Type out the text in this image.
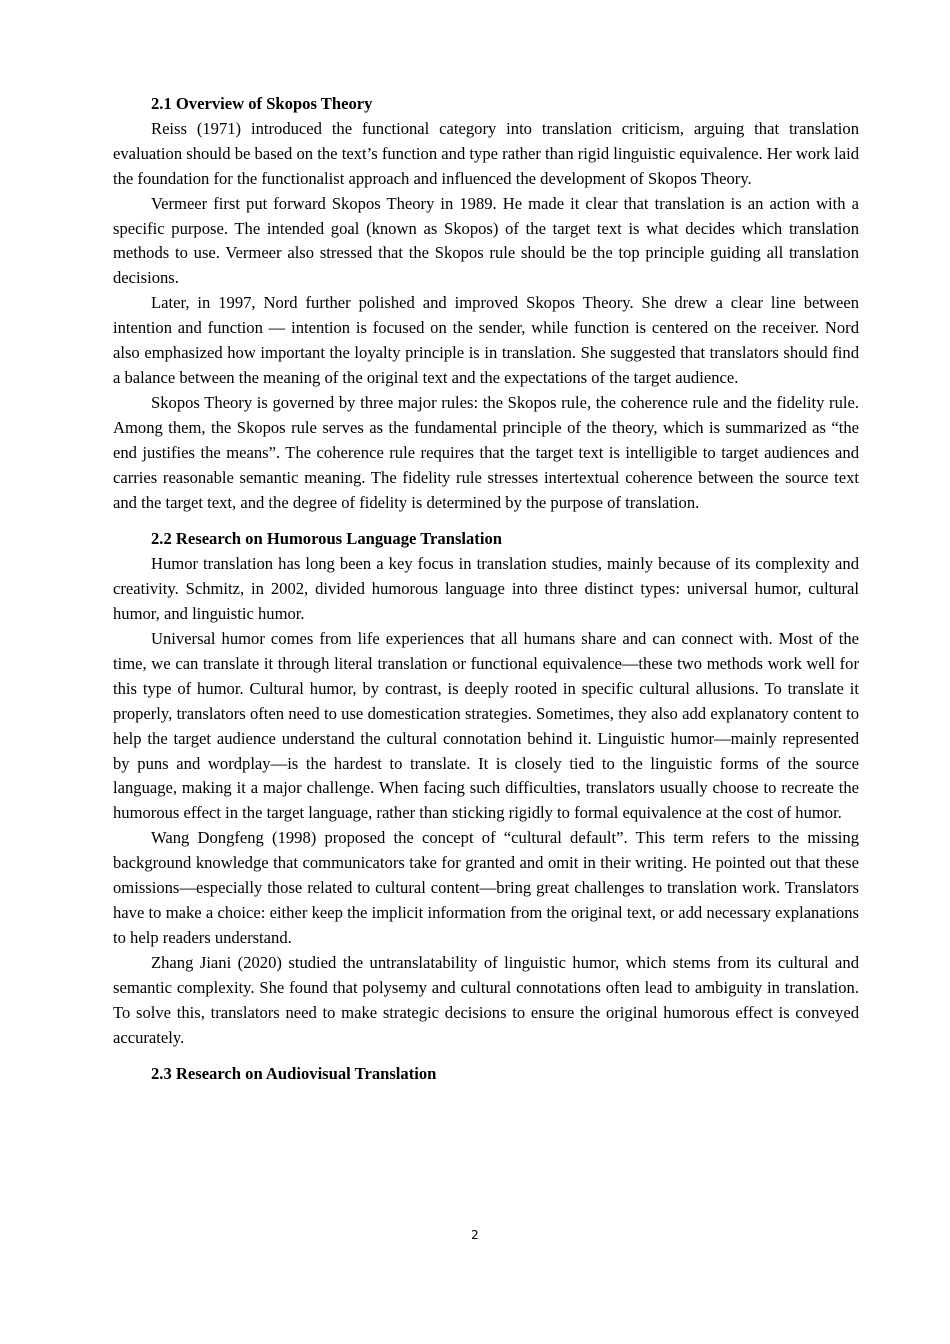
2.1 Overview of Skopos Theory

Reiss (1971) introduced the functional category into translation criticism, arguing that translation evaluation should be based on the text’s function and type rather than rigid linguistic equivalence. Her work laid the foundation for the functionalist approach and influenced the development of Skopos Theory.

Vermeer first put forward Skopos Theory in 1989. He made it clear that translation is an action with a specific purpose. The intended goal (known as Skopos) of the target text is what decides which translation methods to use. Vermeer also stressed that the Skopos rule should be the top principle guiding all translation decisions.

Later, in 1997, Nord further polished and improved Skopos Theory. She drew a clear line between intention and function — intention is focused on the sender, while function is centered on the receiver. Nord also emphasized how important the loyalty principle is in translation. She suggested that translators should find a balance between the meaning of the original text and the expectations of the target audience.

Skopos Theory is governed by three major rules: the Skopos rule, the coherence rule and the fidelity rule. Among them, the Skopos rule serves as the fundamental principle of the theory, which is summarized as “the end justifies the means”. The coherence rule requires that the target text is intelligible to target audiences and carries reasonable semantic meaning. The fidelity rule stresses intertextual coherence between the source text and the target text, and the degree of fidelity is determined by the purpose of translation.

2.2 Research on Humorous Language Translation

Humor translation has long been a key focus in translation studies, mainly because of its complexity and creativity. Schmitz, in 2002, divided humorous language into three distinct types: universal humor, cultural humor, and linguistic humor.

Universal humor comes from life experiences that all humans share and can connect with. Most of the time, we can translate it through literal translation or functional equivalence—these two methods work well for this type of humor. Cultural humor, by contrast, is deeply rooted in specific cultural allusions. To translate it properly, translators often need to use domestication strategies. Sometimes, they also add explanatory content to help the target audience understand the cultural connotation behind it. Linguistic humor—mainly represented by puns and wordplay—is the hardest to translate. It is closely tied to the linguistic forms of the source language, making it a major challenge. When facing such difficulties, translators usually choose to recreate the humorous effect in the target language, rather than sticking rigidly to formal equivalence at the cost of humor.

Wang Dongfeng (1998) proposed the concept of “cultural default”. This term refers to the missing background knowledge that communicators take for granted and omit in their writing. He pointed out that these omissions—especially those related to cultural content—bring great challenges to translation work. Translators have to make a choice: either keep the implicit information from the original text, or add necessary explanations to help readers understand.

Zhang Jiani (2020) studied the untranslatability of linguistic humor, which stems from its cultural and semantic complexity. She found that polysemy and cultural connotations often lead to ambiguity in translation. To solve this, translators need to make strategic decisions to ensure the original humorous effect is conveyed accurately.

2.3 Research on Audiovisual Translation
2
